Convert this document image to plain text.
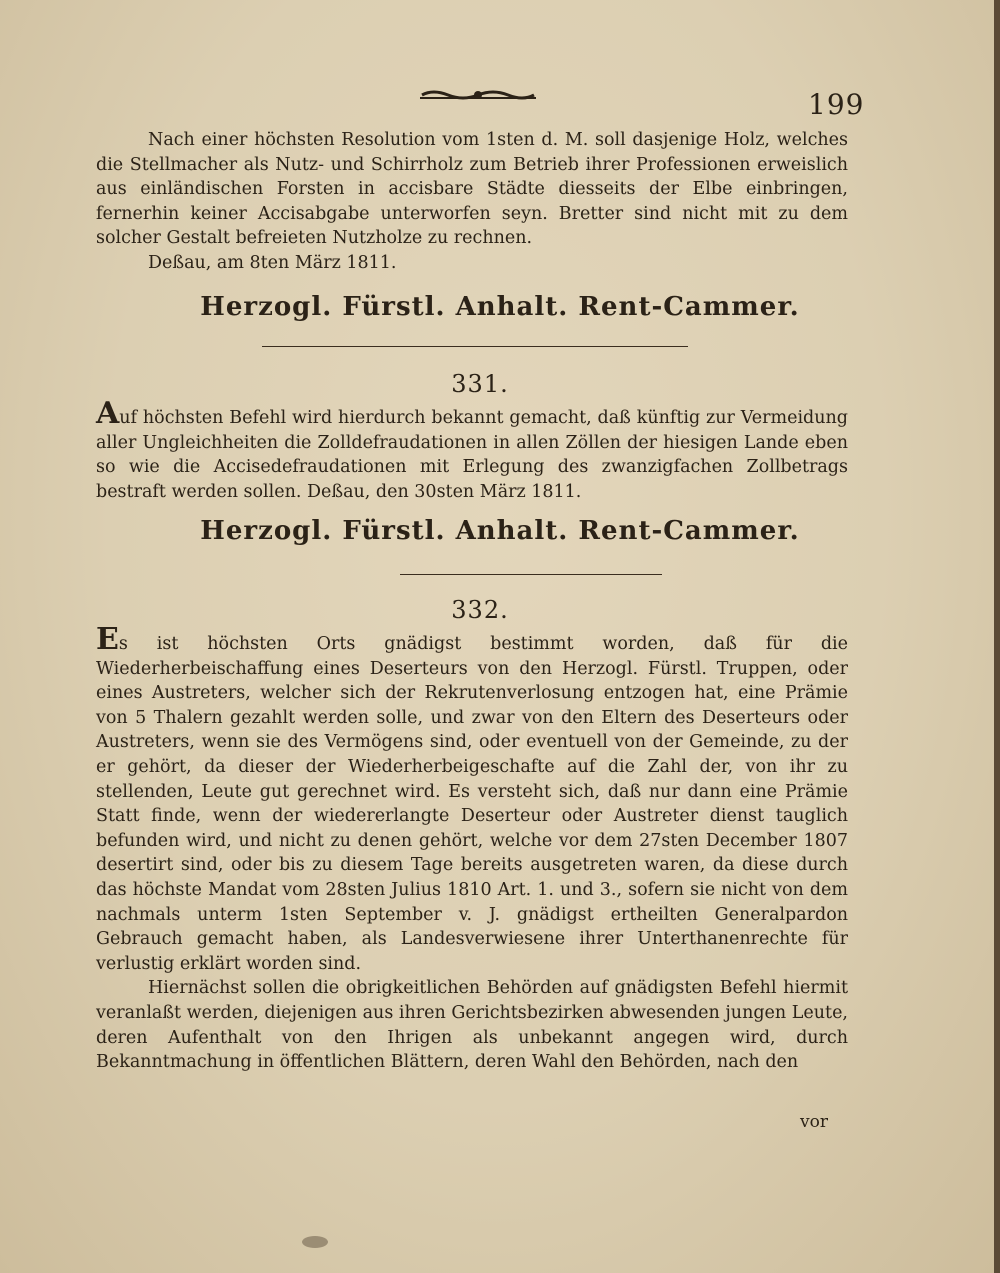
199

Nach einer höchsten Resolution vom 1sten d. M. soll dasjenige Holz, welches die Stellmacher als Nutz- und Schirrholz zum Betrieb ihrer Professionen erweislich aus einländischen Forsten in accisbare Städte diesseits der Elbe einbringen, fernerhin keiner Accisabgabe unterworfen seyn. Bretter sind nicht mit zu dem solcher Gestalt befreieten Nutzholze zu rechnen.

Deßau, am 8ten März 1811.

Herzogl. Fürstl. Anhalt. Rent-Cammer.
331.

Auf höchsten Befehl wird hierdurch bekannt gemacht, daß künftig zur Vermeidung aller Ungleichheiten die Zolldefraudationen in allen Zöllen der hiesigen Lande eben so wie die Accisedefraudationen mit Erlegung des zwanzigfachen Zollbetrags bestraft werden sollen. Deßau, den 30sten März 1811.

Herzogl. Fürstl. Anhalt. Rent-Cammer.
332.

Es ist höchsten Orts gnädigst bestimmt worden, daß für die Wiederherbeischaffung eines Deserteurs von den Herzogl. Fürstl. Truppen, oder eines Austreters, welcher sich der Rekrutenverlosung entzogen hat, eine Prämie von 5 Thalern gezahlt werden solle, und zwar von den Eltern des Deserteurs oder Austreters, wenn sie des Vermögens sind, oder eventuell von der Gemeinde, zu der er gehört, da dieser der Wiederherbeigeschafte auf die Zahl der, von ihr zu stellenden, Leute gut gerechnet wird. Es versteht sich, daß nur dann eine Prämie Statt finde, wenn der wiedererlangte Deserteur oder Austreter dienst tauglich befunden wird, und nicht zu denen gehört, welche vor dem 27sten December 1807 desertirt sind, oder bis zu diesem Tage bereits ausgetreten waren, da diese durch das höchste Mandat vom 28sten Julius 1810 Art. 1. und 3., sofern sie nicht von dem nachmals unterm 1sten September v. J. gnädigst ertheilten Generalpardon Gebrauch gemacht haben, als Landesverwiesene ihrer Unterthanenrechte für verlustig erklärt worden sind.

Hiernächst sollen die obrigkeitlichen Behörden auf gnädigsten Befehl hiermit veranlaßt werden, diejenigen aus ihren Gerichtsbezirken abwesenden jungen Leute, deren Aufenthalt von den Ihrigen als unbekannt angegen wird, durch Bekanntmachung in öffentlichen Blättern, deren Wahl den Behörden, nach den

vor
